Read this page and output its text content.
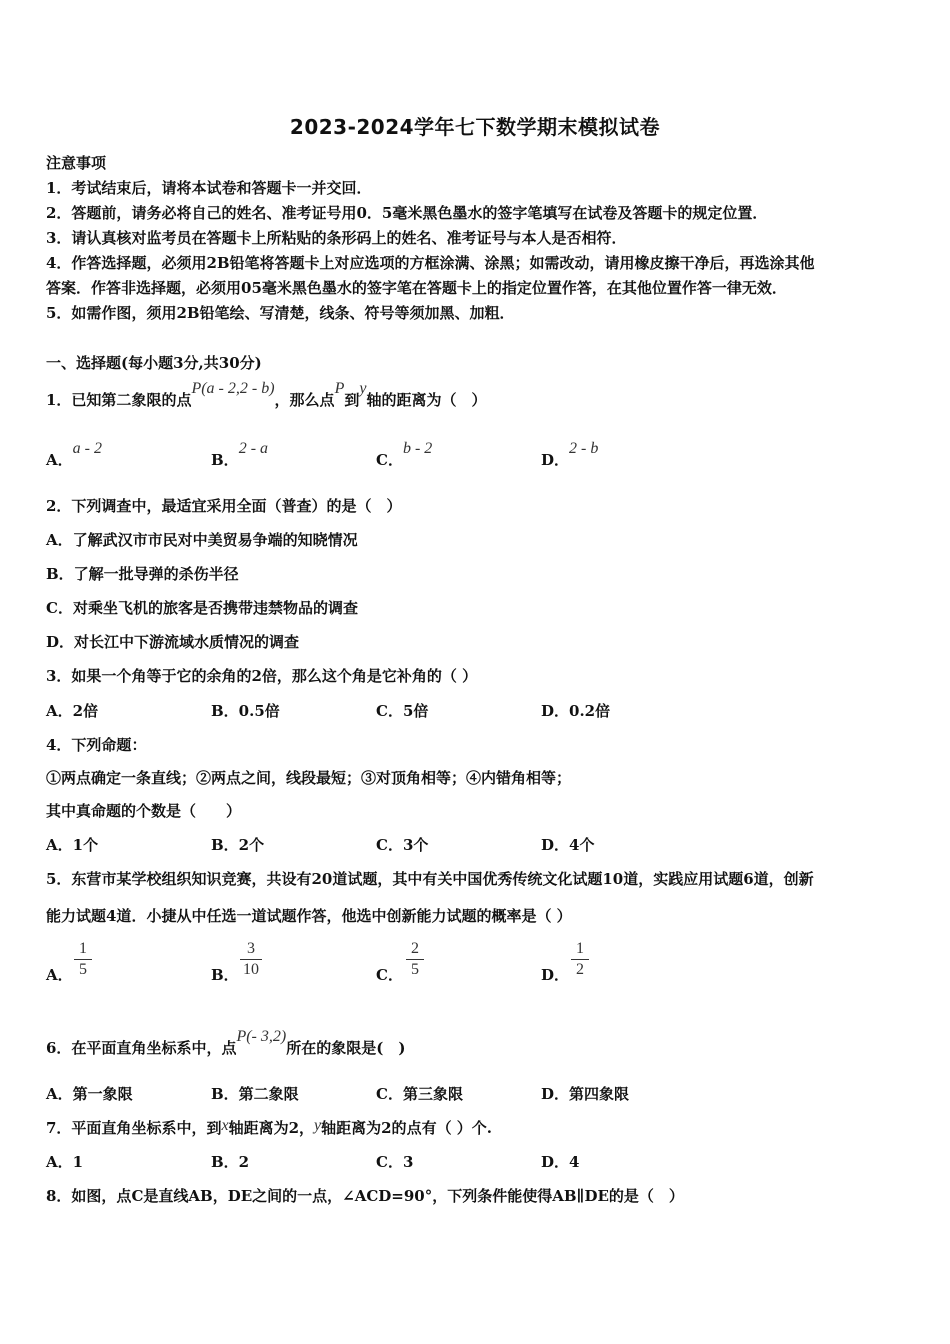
2023-2024学年七下数学期末模拟试卷
注意事项
1．考试结束后，请将本试卷和答题卡一并交回．
2．答题前，请务必将自己的姓名、准考证号用0．5毫米黑色墨水的签字笔填写在试卷及答题卡的规定位置．
3．请认真核对监考员在答题卡上所粘贴的条形码上的姓名、准考证号与本人是否相符．
4．作答选择题，必须用2B铅笔将答题卡上对应选项的方框涂满、涂黑；如需改动，请用橡皮擦干净后，再选涂其他
答案．作答非选择题，必须用05毫米黑色墨水的签字笔在答题卡上的指定位置作答，在其他位置作答一律无效．
5．如需作图，须用2B铅笔绘、写清楚，线条、符号等须加黑、加粗．
一、选择题(每小题3分,共30分)
1．已知第二象限的点P(a - 2,2 - b)，那么点P到y轴的距离为（　）
A．a - 2
B．2 - a
C．b - 2
D．2 - b
2．下列调查中，最适宜采用全面（普查）的是（　）
A．了解武汉市市民对中美贸易争端的知晓情况
B．了解一批导弹的杀伤半径
C．对乘坐飞机的旅客是否携带违禁物品的调查
D．对长江中下游流域水质情况的调查
3．如果一个角等于它的余角的2倍，那么这个角是它补角的（ ）
A．2倍	B．0.5倍	C．5倍	D．0.2倍
4．下列命题：
①两点确定一条直线；②两点之间，线段最短；③对顶角相等；④内错角相等；
其中真命题的个数是（　　）
A．1个	B．2个	C．3个	D．4个
5．东营市某学校组织知识竞赛，共设有20道试题，其中有关中国优秀传统文化试题10道，实践应用试题6道，创新
能力试题4道．小捷从中任选一道试题作答，他选中创新能力试题的概率是（ ）
A．
1
5	B．
3
10	C．
2
5	D．
1
2
6．在平面直角坐标系中，点P(- 3,2)所在的象限是(　)
A．第一象限	B．第二象限	C．第三象限	D．第四象限
7．平面直角坐标系中，到x轴距离为2，y轴距离为2的点有（ ）个.
A．1	B．2	C．3	D．4
8．如图，点C是直线AB，DE之间的一点，∠ACD=90°，下列条件能使得AB∥DE的是（　）
